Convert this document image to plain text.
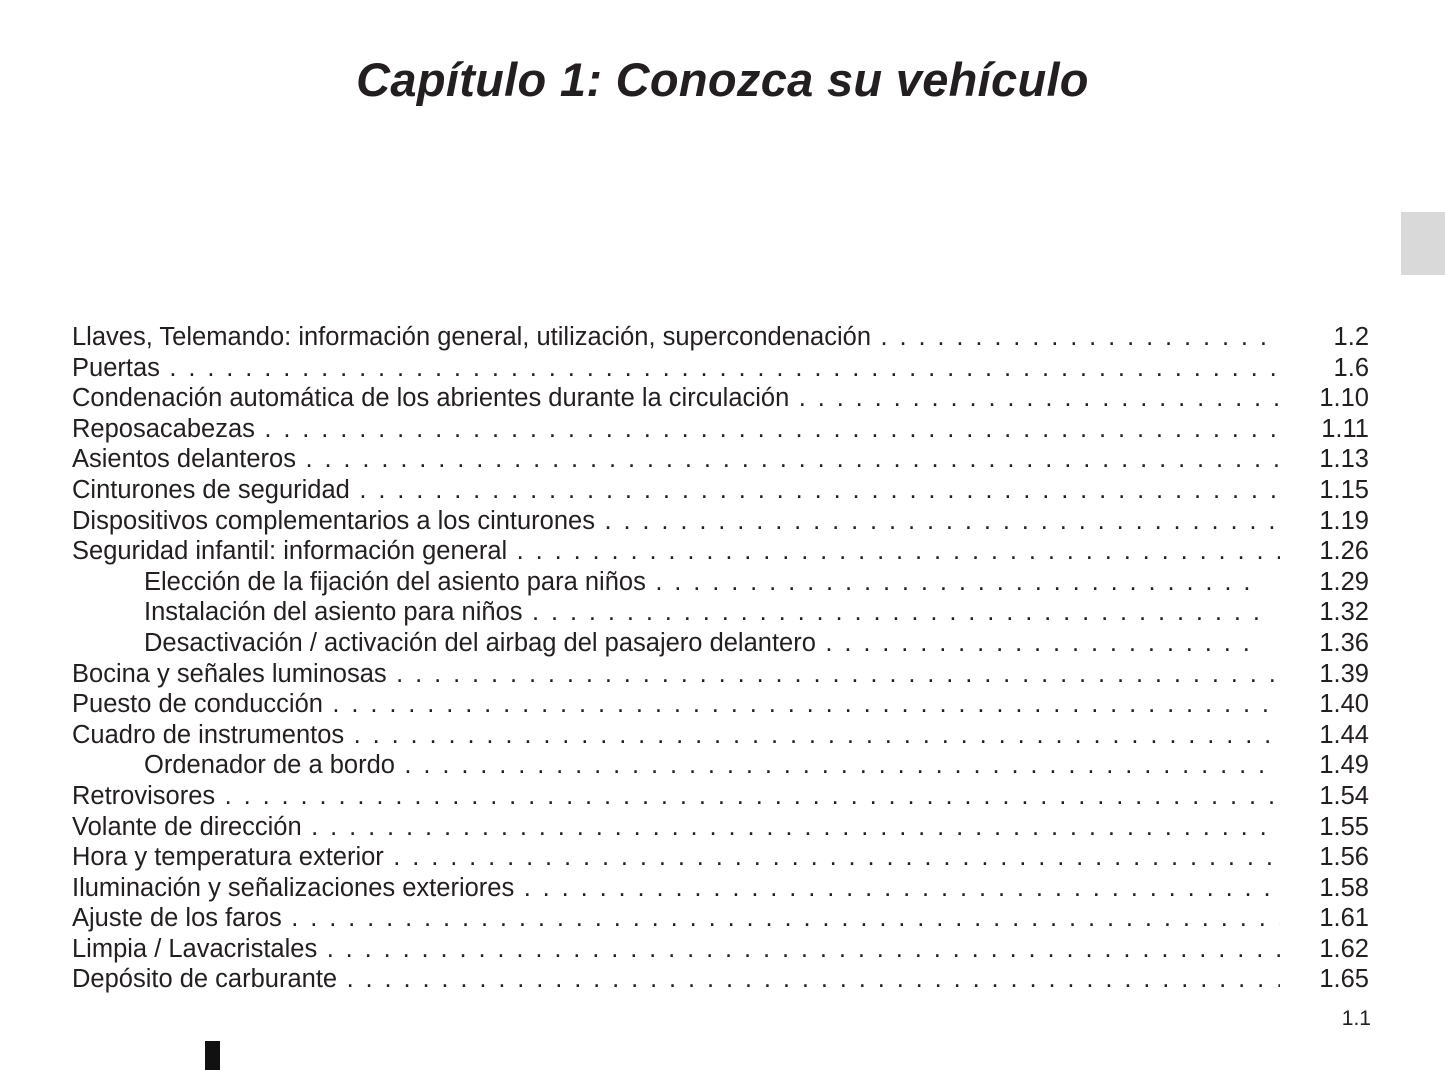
Capítulo 1: Conozca su vehículo
Llaves, Telemando: información general, utilización, supercondenación . . .	1.2
Puertas . . .	1.6
Condenación automática de los abrientes durante la circulación . . .	1.10
Reposacabezas . . .	1.11
Asientos delanteros . . .	1.13
Cinturones de seguridad . . .	1.15
Dispositivos complementarios a los cinturones . . .	1.19
Seguridad infantil: información general . . .	1.26
Elección de la fijación del asiento para niños . . .	1.29
Instalación del asiento para niños . . .	1.32
Desactivación / activación del airbag del pasajero delantero . . .	1.36
Bocina y señales luminosas . . .	1.39
Puesto de conducción . . .	1.40
Cuadro de instrumentos . . .	1.44
Ordenador de a bordo . . .	1.49
Retrovisores . . .	1.54
Volante de dirección . . .	1.55
Hora y temperatura exterior . . .	1.56
Iluminación y señalizaciones exteriores . . .	1.58
Ajuste de los faros . . .	1.61
Limpia / Lavacristales . . .	1.62
Depósito de carburante . . .	1.65
1.1
